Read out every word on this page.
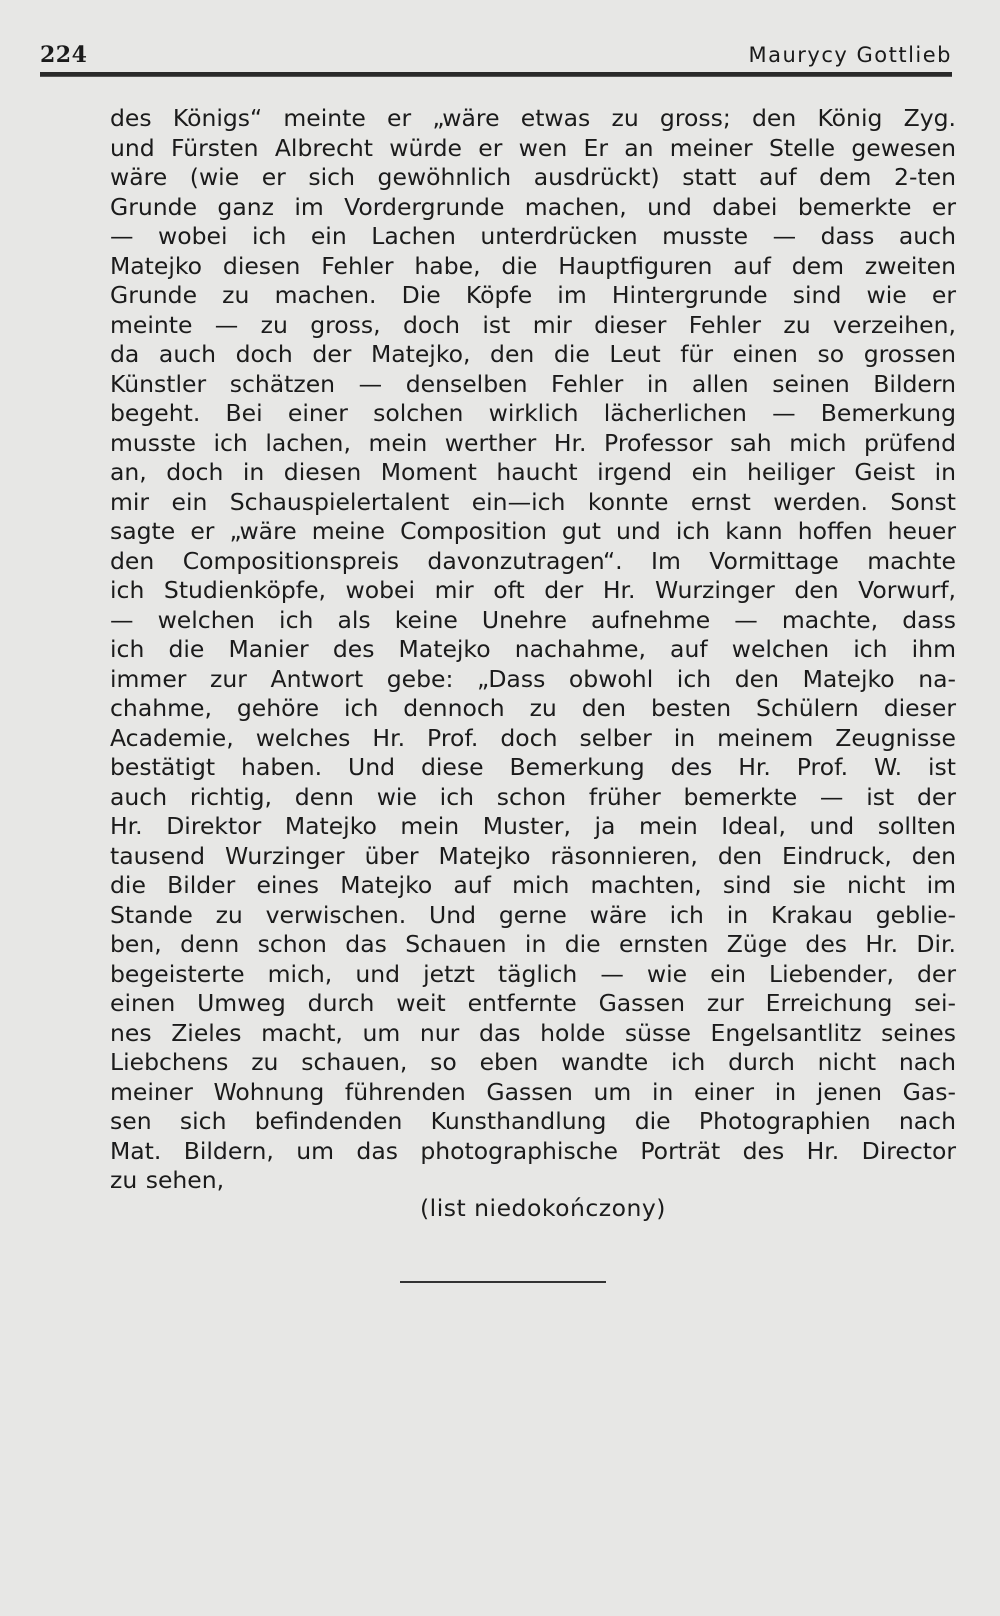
224	Maurycy Gottlieb
des Königs“ meinte er „wäre etwas zu gross; den König Zyg.
und Fürsten Albrecht würde er wen Er an meiner Stelle gewesen
wäre (wie er sich gewöhnlich ausdrückt) statt auf dem 2-ten
Grunde ganz im Vordergrunde machen, und dabei bemerkte er
— wobei ich ein Lachen unterdrücken musste — dass auch
Matejko diesen Fehler habe, die Hauptfiguren auf dem zweiten
Grunde zu machen. Die Köpfe im Hintergrunde sind wie er
meinte — zu gross, doch ist mir dieser Fehler zu verzeihen,
da auch doch der Matejko, den die Leut für einen so grossen
Künstler schätzen — denselben Fehler in allen seinen Bildern
begeht. Bei einer solchen wirklich lächerlichen — Bemerkung
musste ich lachen, mein werther Hr. Professor sah mich prüfend
an, doch in diesen Moment haucht irgend ein heiliger Geist in
mir ein Schauspielertalent ein—ich konnte ernst werden. Sonst
sagte er „wäre meine Composition gut und ich kann hoffen heuer
den Compositionspreis davonzutragen“. Im Vormittage machte
ich Studienköpfe, wobei mir oft der Hr. Wurzinger den Vorwurf,
— welchen ich als keine Unehre aufnehme — machte, dass
ich die Manier des Matejko nachahme, auf welchen ich ihm
immer zur Antwort gebe: „Dass obwohl ich den Matejko na-
chahme, gehöre ich dennoch zu den besten Schülern dieser
Academie, welches Hr. Prof. doch selber in meinem Zeugnisse
bestätigt haben. Und diese Bemerkung des Hr. Prof. W. ist
auch richtig, denn wie ich schon früher bemerkte — ist der
Hr. Direktor Matejko mein Muster, ja mein Ideal, und sollten
tausend Wurzinger über Matejko räsonnieren, den Eindruck, den
die Bilder eines Matejko auf mich machten, sind sie nicht im
Stande zu verwischen. Und gerne wäre ich in Krakau geblie-
ben, denn schon das Schauen in die ernsten Züge des Hr. Dir.
begeisterte mich, und jetzt täglich — wie ein Liebender, der
einen Umweg durch weit entfernte Gassen zur Erreichung sei-
nes Zieles macht, um nur das holde süsse Engelsantlitz seines
Liebchens zu schauen, so eben wandte ich durch nicht nach
meiner Wohnung führenden Gassen um in einer in jenen Gas-
sen sich befindenden Kunsthandlung die Photographien nach
Mat. Bildern, um das photographische Porträt des Hr. Director
zu sehen,
(list niedokończony)
